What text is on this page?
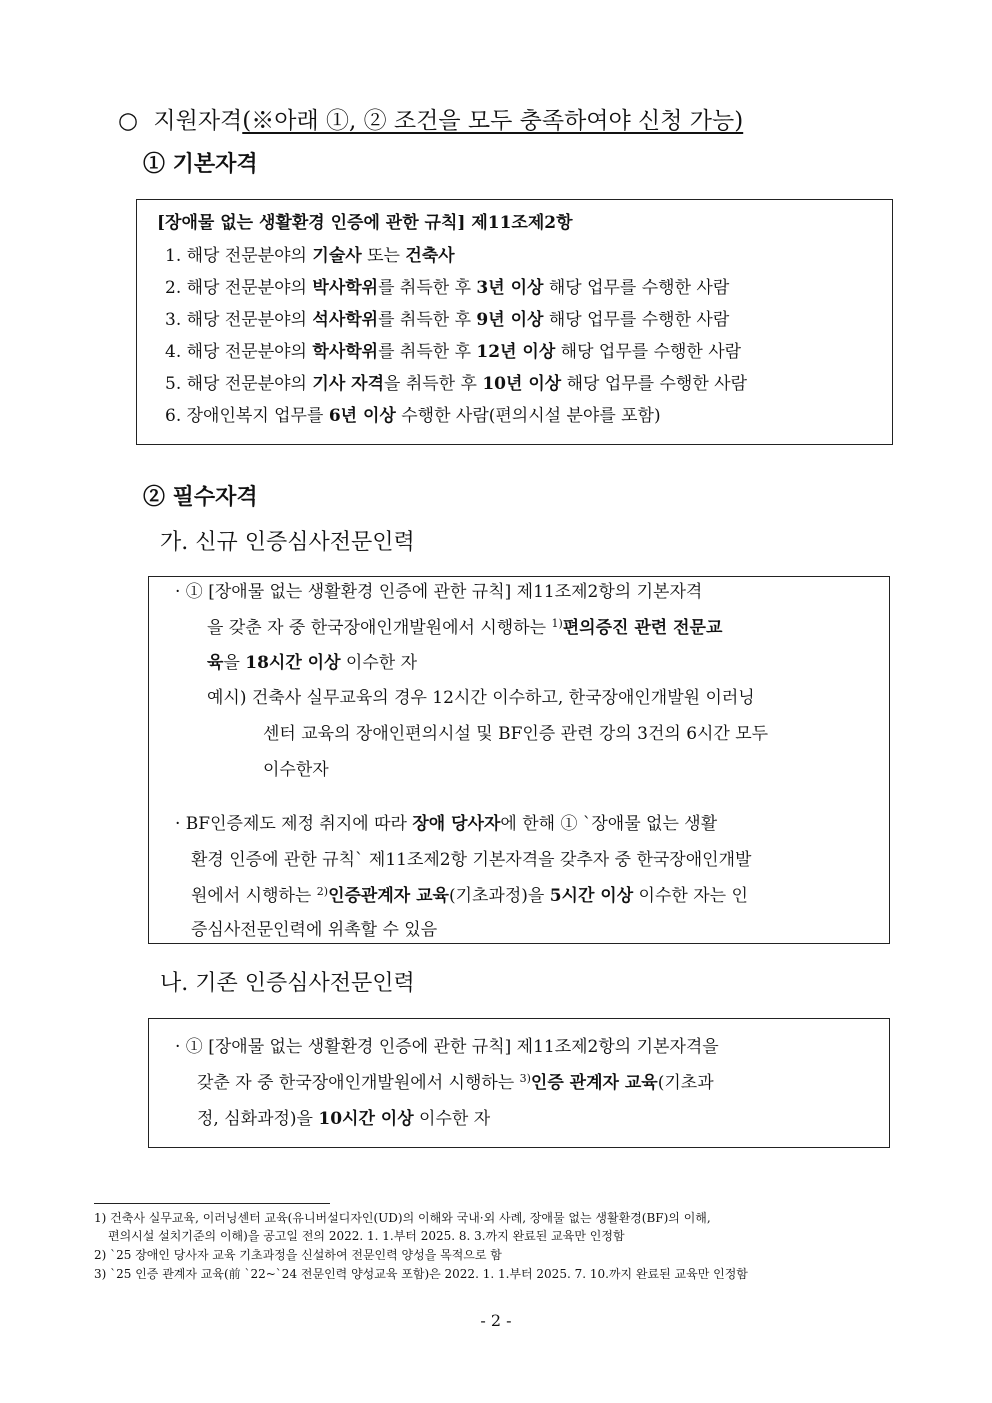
○ 지원자격(※아래 ①, ② 조건을 모두 충족하여야 신청 가능)
① 기본자격
[장애물 없는 생활환경 인증에 관한 규칙] 제11조제2항
1. 해당 전문분야의 기술사 또는 건축사
2. 해당 전문분야의 박사학위를 취득한 후 3년 이상 해당 업무를 수행한 사람
3. 해당 전문분야의 석사학위를 취득한 후 9년 이상 해당 업무를 수행한 사람
4. 해당 전문분야의 학사학위를 취득한 후 12년 이상 해당 업무를 수행한 사람
5. 해당 전문분야의 기사 자격을 취득한 후 10년 이상 해당 업무를 수행한 사람
6. 장애인복지 업무를 6년 이상 수행한 사람(편의시설 분야를 포함)
② 필수자격
가. 신규 인증심사전문인력
· ① [장애물 없는 생활환경 인증에 관한 규칙] 제11조제2항의 기본자격
을 갖춘 자 중 한국장애인개발원에서 시행하는 $^{1)}$편의증진 관련 전문교
육을 18시간 이상 이수한 자
예시) 건축사 실무교육의 경우 12시간 이수하고, 한국장애인개발원 이러닝
센터 교육의 장애인편의시설 및 BF인증 관련 강의 3건의 6시간 모두
이수한자
· BF인증제도 제정 취지에 따라 장애 당사자에 한해 ① `장애물 없는 생활
환경 인증에 관한 규칙` 제11조제2항 기본자격을 갖추자 중 한국장애인개발
원에서 시행하는 $^{2)}$인증관계자 교육(기초과정)을 5시간 이상 이수한 자는 인
증심사전문인력에 위촉할 수 있음
나. 기존 인증심사전문인력
· ① [장애물 없는 생활환경 인증에 관한 규칙] 제11조제2항의 기본자격을
갖춘 자 중 한국장애인개발원에서 시행하는 $^{3)}$인증 관계자 교육(기초과
정, 심화과정)을 10시간 이상 이수한 자
1) 건축사 실무교육, 이러닝센터 교육(유니버설디자인(UD)의 이해와 국내·외 사례, 장애물 없는 생활환경(BF)의 이해,
편의시설 설치기준의 이해)을 공고일 전의 2022. 1. 1.부터 2025. 8. 3.까지 완료된 교육만 인정함
2) `25 장애인 당사자 교육 기초과정을 신설하여 전문인력 양성을 목적으로 함
3) `25 인증 관계자 교육(前 `22~`24 전문인력 양성교육 포함)은 2022. 1. 1.부터 2025. 7. 10.까지 완료된 교육만 인정함
- 2 -
